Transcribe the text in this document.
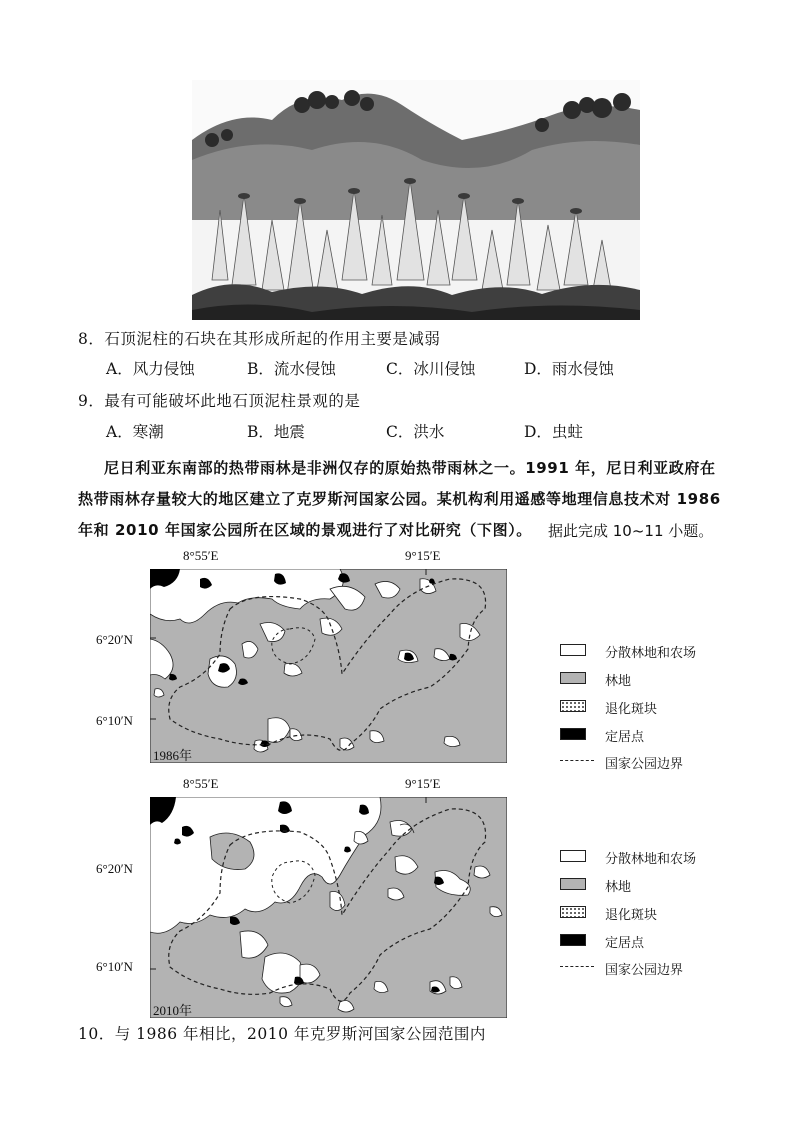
8．石顶泥柱的石块在其形成所起的作用主要是减弱
A．风力侵蚀	B．流水侵蚀	C．冰川侵蚀	D．雨水侵蚀
9．最有可能破坏此地石顶泥柱景观的是
A．寒潮	B．地震	C．洪水	D．虫蛀
尼日利亚东南部的热带雨林是非洲仅存的原始热带雨林之一。1991 年，尼日利亚政府在
热带雨林存量较大的地区建立了克罗斯河国家公园。某机构利用遥感等地理信息技术对 1986
年和 2010 年国家公园所在区域的景观进行了对比研究（下图）。 据此完成 10~11 小题。
8°55′E	9°15′E
6°20′N
6°10′N
1986年
8°55′E	9°15′E
6°20′N
6°10′N
2010年
分散林地和农场
林地
退化斑块
定居点
国家公园边界
分散林地和农场
林地
退化斑块
定居点
国家公园边界
10．与 1986 年相比，2010 年克罗斯河国家公园范围内
